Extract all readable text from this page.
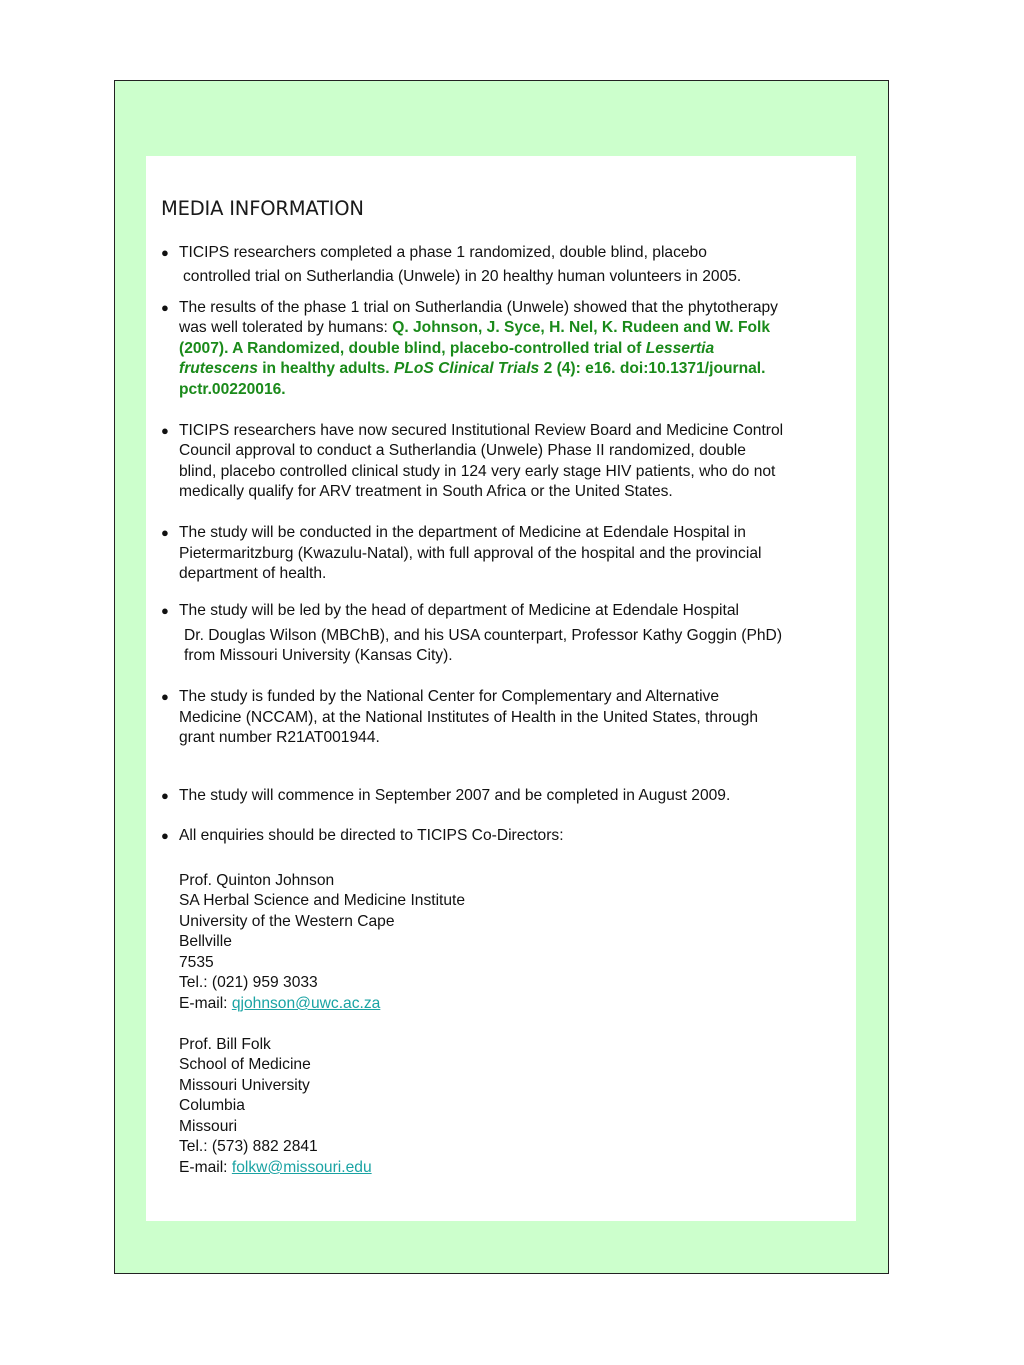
MEDIA INFORMATION
● TICIPS researchers completed a phase 1 randomized, double blind, placebo
controlled trial on Sutherlandia (Unwele) in 20 healthy human volunteers in 2005.
● The results of the phase 1 trial on Sutherlandia (Unwele) showed that the phytotherapy
was well tolerated by humans: Q. Johnson, J. Syce, H. Nel, K. Rudeen and W. Folk
(2007). A Randomized, double blind, placebo-controlled trial of Lessertia
frutescens in healthy adults. PLoS Clinical Trials 2 (4): e16. doi:10.1371/journal.
pctr.00220016.
● TICIPS researchers have now secured Institutional Review Board and Medicine Control
Council approval to conduct a Sutherlandia (Unwele) Phase II randomized, double
blind, placebo controlled clinical study in 124 very early stage HIV patients, who do not
medically qualify for ARV treatment in South Africa or the United States.
● The study will be conducted in the department of Medicine at Edendale Hospital in
Pietermaritzburg (Kwazulu-Natal), with full approval of the hospital and the provincial
department of health.
● The study will be led by the head of department of Medicine at Edendale Hospital
Dr. Douglas Wilson (MBChB), and his USA counterpart, Professor Kathy Goggin (PhD)
from Missouri University (Kansas City).
● The study is funded by the National Center for Complementary and Alternative
Medicine (NCCAM), at the National Institutes of Health in the United States, through
grant number R21AT001944.
● The study will commence in September 2007 and be completed in August 2009.
● All enquiries should be directed to TICIPS Co-Directors:
Prof. Quinton Johnson
SA Herbal Science and Medicine Institute
University of the Western Cape
Bellville
7535
Tel.: (021) 959 3033
E-mail: qjohnson@uwc.ac.za
Prof. Bill Folk
School of Medicine
Missouri University
Columbia
Missouri
Tel.: (573) 882 2841
E-mail: folkw@missouri.edu
